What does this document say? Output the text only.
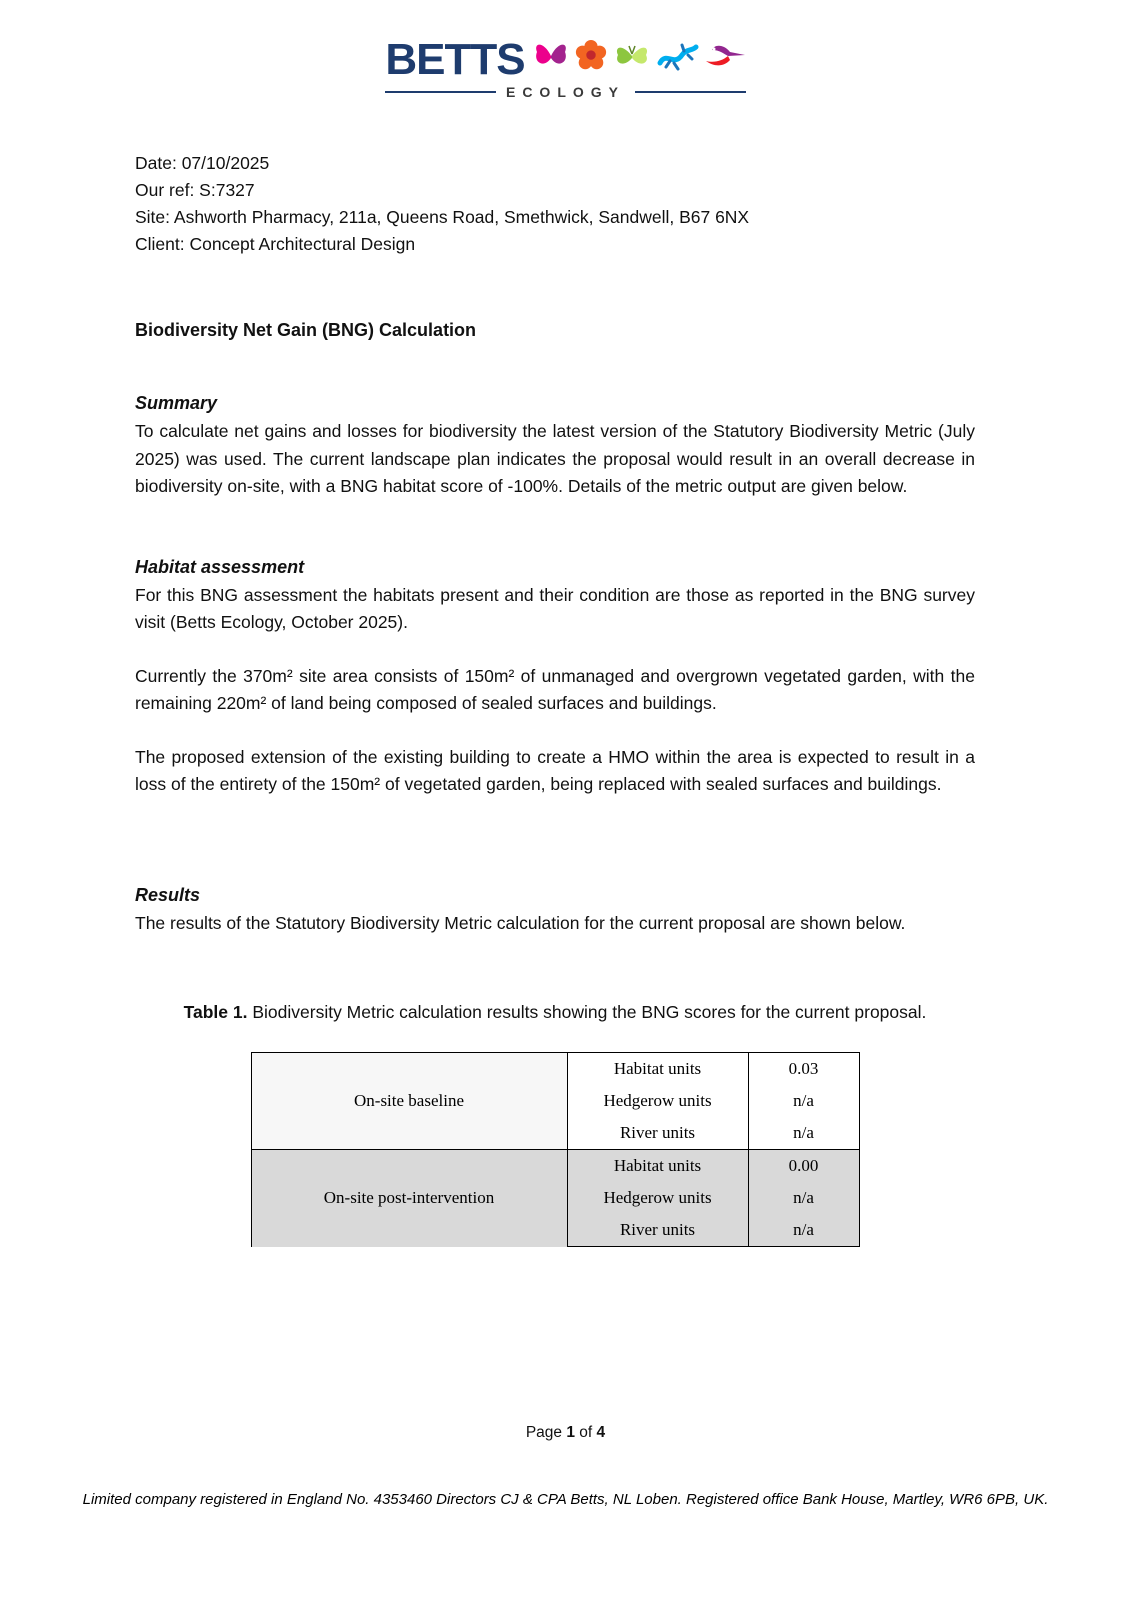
BETTS
ECOLOGY
Date: 07/10/2025
Our ref: S:7327
Site: Ashworth Pharmacy, 211a, Queens Road, Smethwick, Sandwell, B67 6NX
Client: Concept Architectural Design
Biodiversity Net Gain (BNG) Calculation
Summary
To calculate net gains and losses for biodiversity the latest version of the Statutory Biodiversity Metric (July 2025) was used. The current landscape plan indicates the proposal would result in an overall decrease in biodiversity on-site, with a BNG habitat score of -100%. Details of the metric output are given below.
Habitat assessment
For this BNG assessment the habitats present and their condition are those as reported in the BNG survey visit (Betts Ecology, October 2025).
Currently the 370m² site area consists of 150m² of unmanaged and overgrown vegetated garden, with the remaining 220m² of land being composed of sealed surfaces and buildings.
The proposed extension of the existing building to create a HMO within the area is expected to result in a loss of the entirety of the 150m² of vegetated garden, being replaced with sealed surfaces and buildings.
Results
The results of the Statutory Biodiversity Metric calculation for the current proposal are shown below.
Table 1. Biodiversity Metric calculation results showing the BNG scores for the current proposal.
On-site baseline	Habitat units	0.03
	Hedgerow units	n/a
	River units	n/a
On-site post-intervention	Habitat units	0.00
	Hedgerow units	n/a
	River units	n/a
Page 1 of 4
Limited company registered in England No. 4353460 Directors CJ & CPA Betts, NL Loben. Registered office Bank House, Martley, WR6 6PB, UK.
